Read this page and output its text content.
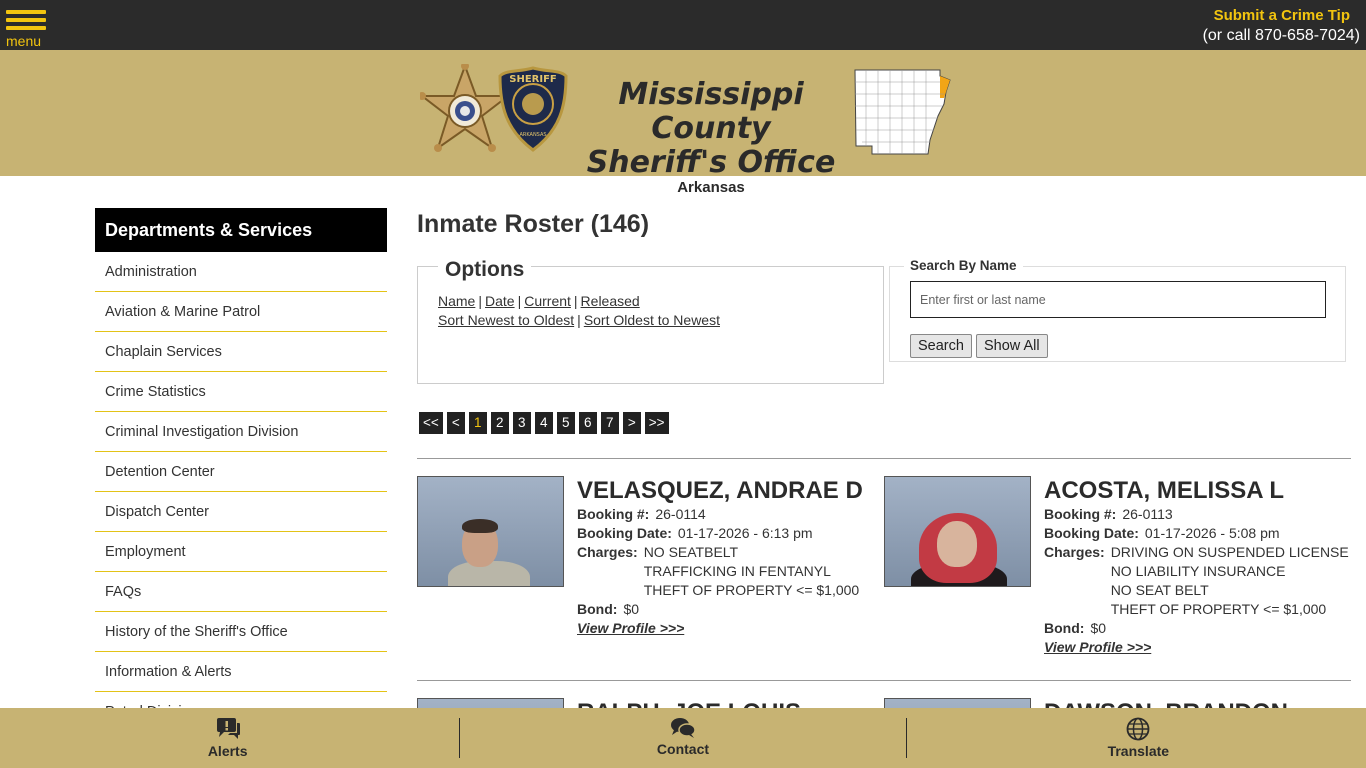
menu
Submit a Crime Tip
(or call 870-658-7024)
SHERIFF
ARKANSAS
Mississippi County
Sheriff's Office
Arkansas
Departments & Services
Administration
Aviation & Marine Patrol
Chaplain Services
Crime Statistics
Criminal Investigation Division
Detention Center
Dispatch Center
Employment
FAQs
History of the Sheriff's Office
Information & Alerts
Inmate Roster (146)
Options
Name | Date | Current | Released
Sort Newest to Oldest | Sort Oldest to Newest
Search By Name
Enter first or last name
Search	Show All
<< <	1	2	3	4	5	6	7	> >>
VELASQUEZ, ANDRAE D
Booking #: 26-0114
Booking Date: 01-17-2026 - 6:13 pm
Charges: NO SEATBELT
TRAFFICKING IN FENTANYL
THEFT OF PROPERTY <= $1,000
Bond: $0
View Profile >>>
ACOSTA, MELISSA L
Booking #: 26-0113
Booking Date: 01-17-2026 - 5:08 pm
Charges: DRIVING ON SUSPENDED LICENSE
NO LIABILITY INSURANCE
NO SEAT BELT
THEFT OF PROPERTY <= $1,000
Bond: $0
View Profile >>>
Alerts	Contact	Translate
